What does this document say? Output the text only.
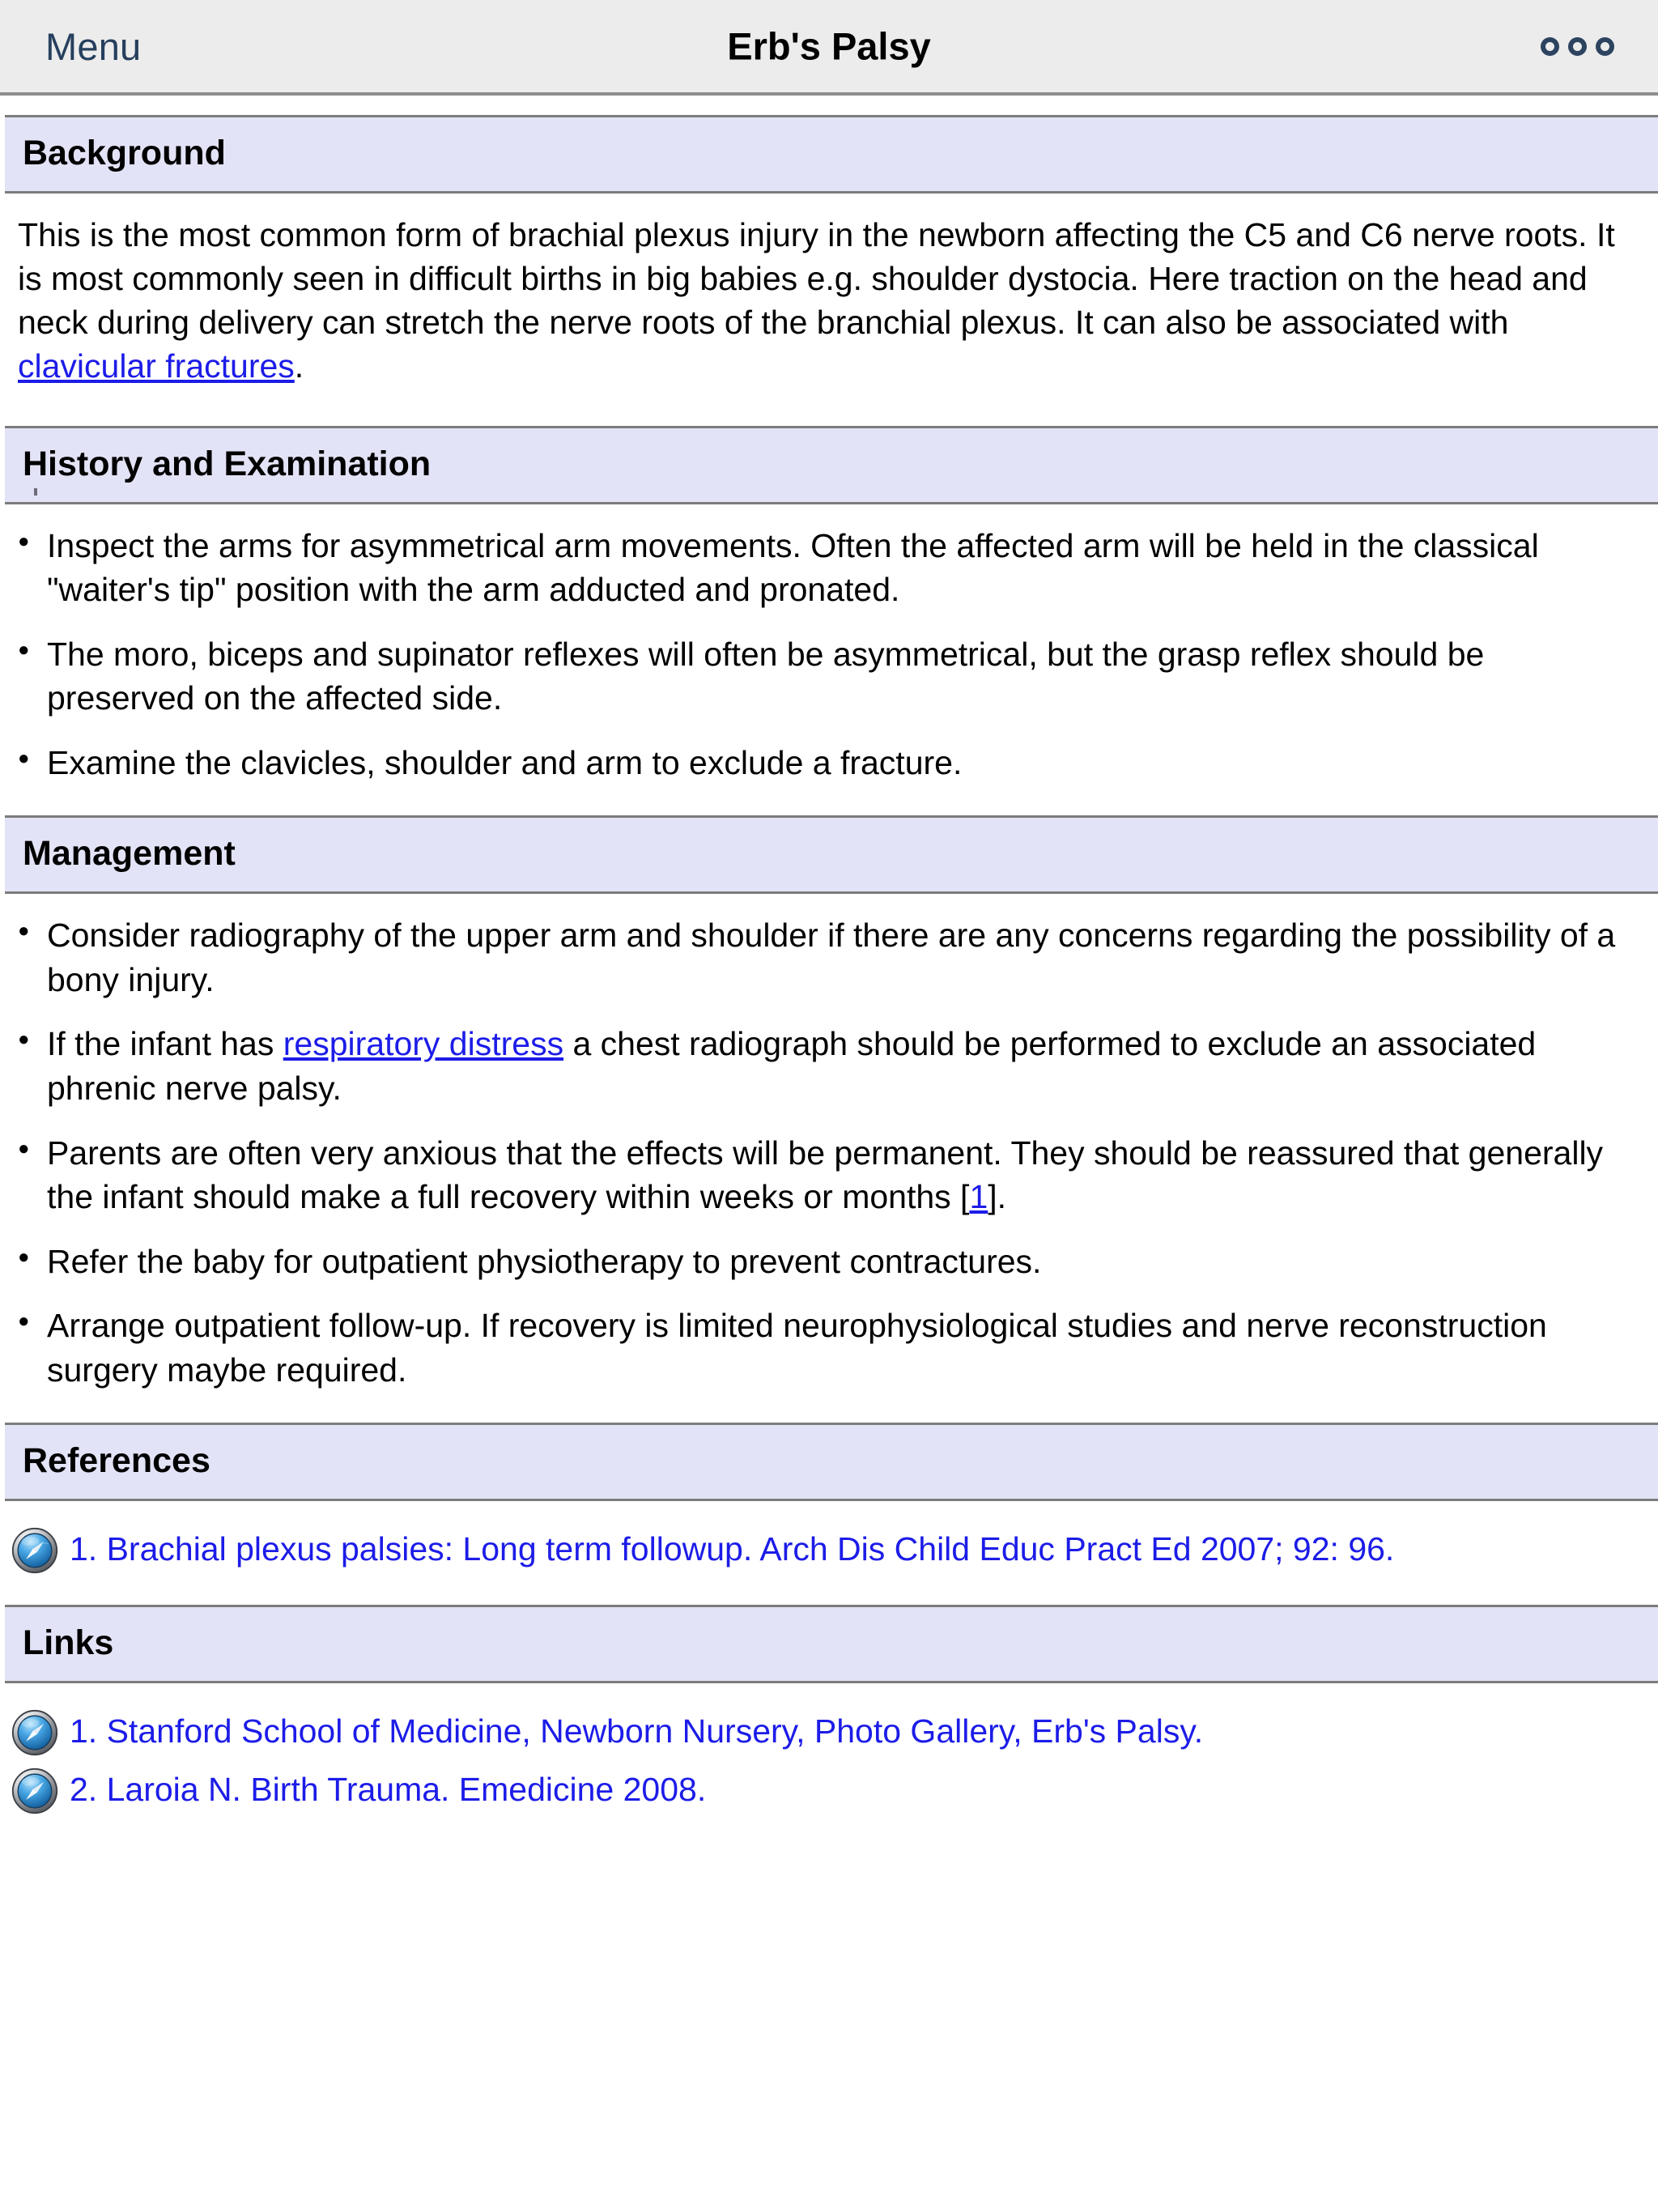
Menu	Erb's Palsy
Background

This is the most common form of brachial plexus injury in the newborn affecting the C5 and C6 nerve roots. It is most commonly seen in difficult births in big babies e.g. shoulder dystocia. Here traction on the head and neck during delivery can stretch the nerve roots of the branchial plexus. It can also be associated with clavicular fractures.

History and Examination
● Inspect the arms for asymmetrical arm movements. Often the affected arm will be held in the classical "waiter's tip" position with the arm adducted and pronated.
● The moro, biceps and supinator reflexes will often be asymmetrical, but the grasp reflex should be preserved on the affected side.
● Examine the clavicles, shoulder and arm to exclude a fracture.
Management
● Consider radiography of the upper arm and shoulder if there are any concerns regarding the possibility of a bony injury.
● If the infant has respiratory distress a chest radiograph should be performed to exclude an associated phrenic nerve palsy.
● Parents are often very anxious that the effects will be permanent. They should be reassured that generally the infant should make a full recovery within weeks or months [1].
● Refer the baby for outpatient physiotherapy to prevent contractures.
● Arrange outpatient follow-up. If recovery is limited neurophysiological studies and nerve reconstruction surgery maybe required.
References
1. Brachial plexus palsies: Long term followup. Arch Dis Child Educ Pract Ed 2007; 92: 96.
Links
1. Stanford School of Medicine, Newborn Nursery, Photo Gallery, Erb's Palsy.
2. Laroia N. Birth Trauma. Emedicine 2008.
